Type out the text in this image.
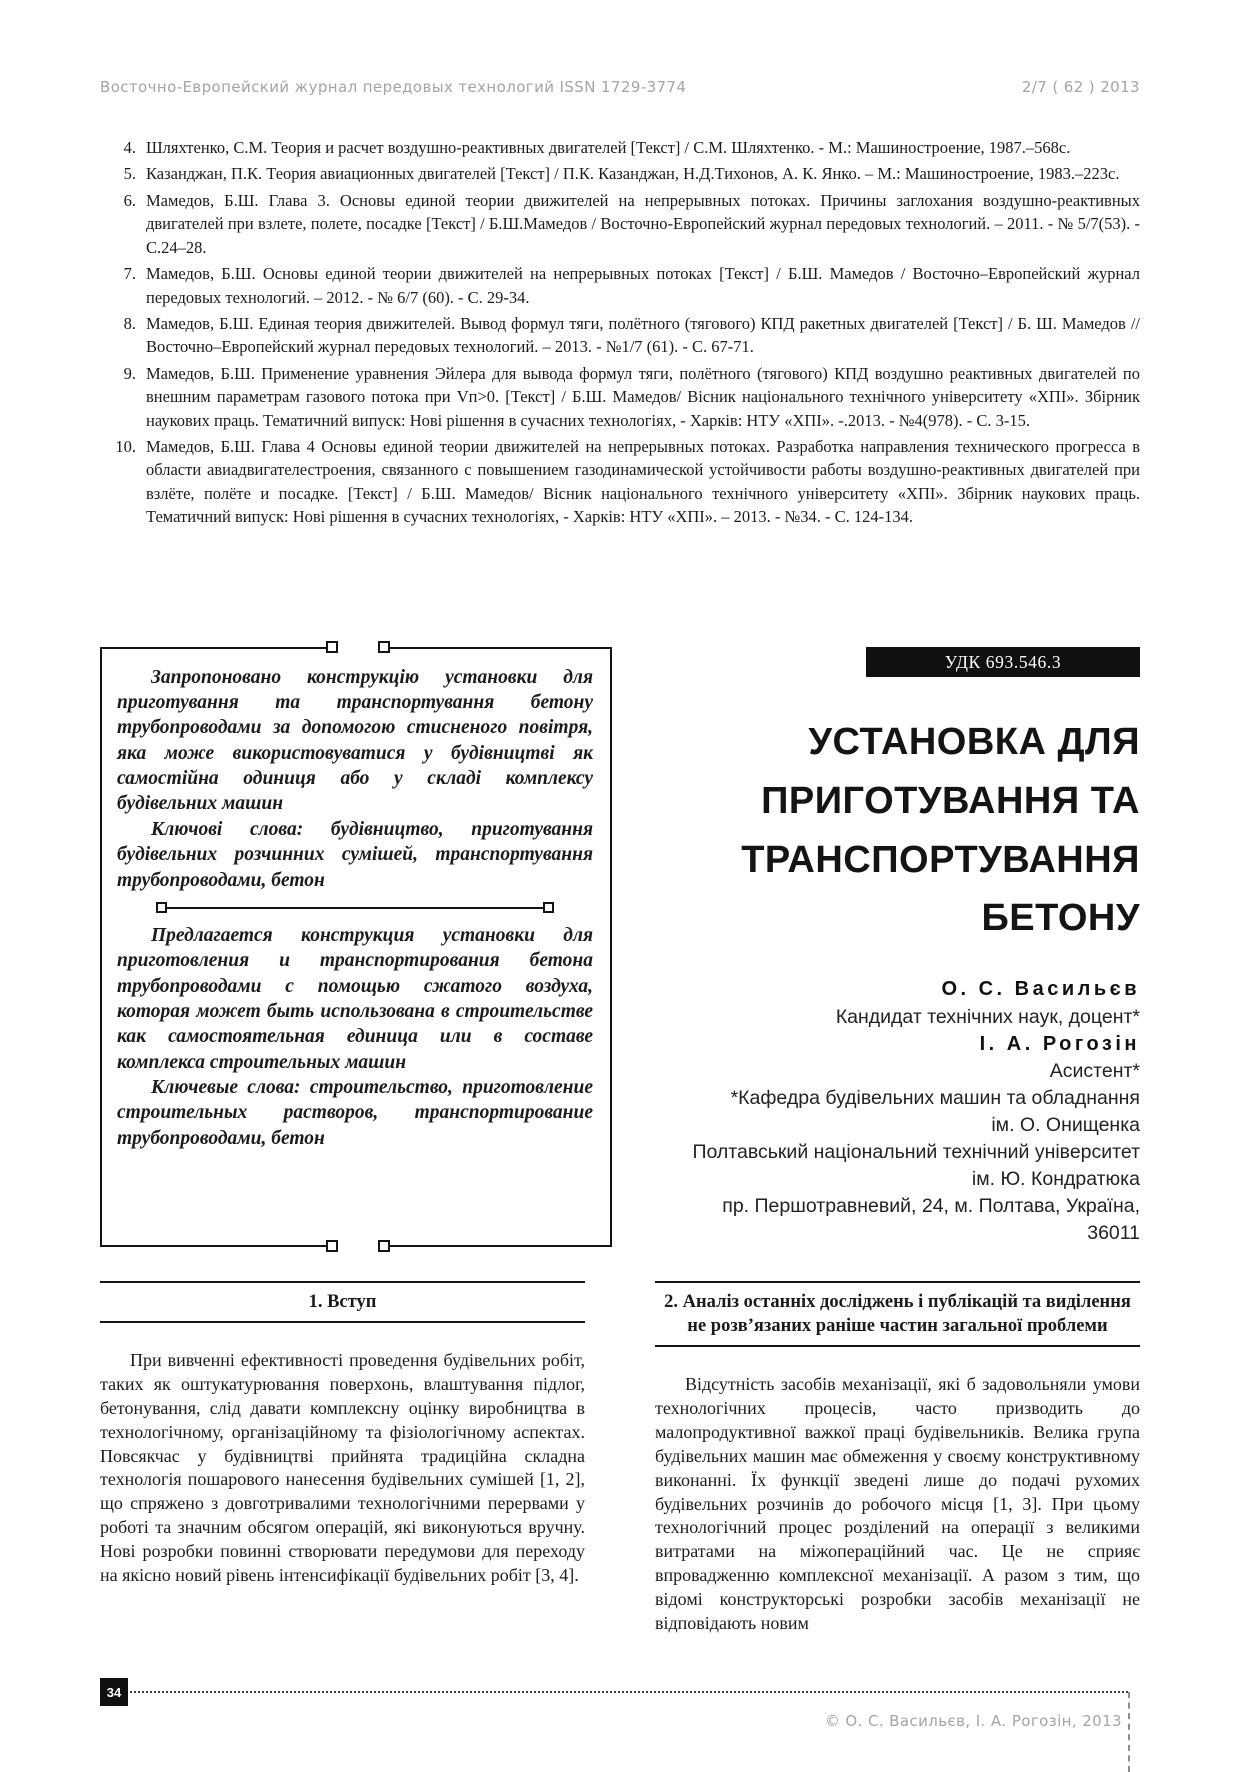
Восточно-Европейский журнал передовых технологий ISSN 1729-3774	2/7 ( 62 ) 2013
4. Шляхтенко, С.М. Теория и расчет воздушно-реактивных двигателей [Текст] / С.М. Шляхтенко. - М.: Машиностроение, 1987.–568с.
5. Казанджан, П.К. Теория авиационных двигателей [Текст] / П.К. Казанджан, Н.Д.Тихонов, А. К. Янко. – М.: Машиностроение, 1983.–223с.
6. Мамедов, Б.Ш. Глава 3. Основы единой теории движителей на непрерывных потоках. Причины заглохания воздушно-реактивных двигателей при взлете, полете, посадке [Текст] / Б.Ш.Мамедов / Восточно-Европейский журнал передовых технологий. – 2011. - № 5/7(53). - С.24–28.
7. Мамедов, Б.Ш. Основы единой теории движителей на непрерывных потоках [Текст] / Б.Ш. Мамедов / Восточно–Европейский журнал передовых технологий. – 2012. - № 6/7 (60). - С. 29-34.
8. Мамедов, Б.Ш. Единая теория движителей. Вывод формул тяги, полётного (тягового) КПД ракетных двигателей [Текст] / Б. Ш. Мамедов // Восточно–Европейский журнал передовых технологий. – 2013. - №1/7 (61). - С. 67-71.
9. Мамедов, Б.Ш. Применение уравнения Эйлера для вывода формул тяги, полётного (тягового) КПД воздушно реактивных двигателей по внешним параметрам газового потока при Vп>0. [Текст] / Б.Ш. Мамедов/ Вісник національного технічного університету «ХПІ». Збірник наукових праць. Тематичний випуск: Нові рішення в сучасних технологіях, - Харків: НТУ «ХПІ». -.2013. - №4(978). - С. 3-15.
10. Мамедов, Б.Ш. Глава 4 Основы единой теории движителей на непрерывных потоках. Разработка направления технического прогресса в области авиадвигателестроения, связанного с повышением газодинамической устойчивости работы воздушно-реактивных двигателей при взлёте, полёте и посадке. [Текст] / Б.Ш. Мамедов/ Вісник національного технічного університету «ХПІ». Збірник наукових праць. Тематичний випуск: Нові рішення в сучасних технологіях, - Харків: НТУ «ХПІ». – 2013. - №34. - С. 124-134.

Запропоновано конструкцію установки для приготування та транспортування бетону трубопроводами за допомогою стисненого повітря, яка може використовуватися у будівництві як самостійна одиниця або у складі комплексу будівельних машин

Ключові слова: будівництво, приготування будівельних розчинних сумішей, транспортування трубопроводами, бетон

Предлагается конструкция установки для приготовления и транспортирования бетона трубопроводами с помощью сжатого воздуха, которая может быть использована в строительстве как самостоятельная единица или в составе комплекса строительных машин

Ключевые слова: строительство, приготовление строительных растворов, транспортирование трубопроводами, бетон

УДК 693.546.3
УСТАНОВКА ДЛЯ ПРИГОТУВАННЯ ТА ТРАНСПОРТУВАННЯ БЕТОНУ
О. С. Васильєв
Кандидат технічних наук, доцент*
І. А. Рогозін
Асистент*
*Кафедра будівельних машин та обладнання
ім. О. Онищенка
Полтавський національний технічний університет
ім. Ю. Кондратюка
пр. Першотравневий, 24, м. Полтава, Україна, 36011
1. Вступ

При вивченні ефективності проведення будівельних робіт, таких як оштукатурювання поверхонь, влаштування підлог, бетонування, слід давати комплексну оцінку виробництва в технологічному, організаційному та фізіологічному аспектах. Повсякчас у будівництві прийнята традиційна складна технологія пошарового нанесення будівельних сумішей [1, 2], що спряжено з довготривалими технологічними перервами у роботі та значним обсягом операцій, які виконуються вручну. Нові розробки повинні створювати передумови для переходу на якісно новий рівень інтенсифікації будівельних робіт [3, 4].

2. Аналіз останніх досліджень і публікацій та виділення не розв’язаних раніше частин загальної проблеми

Відсутність засобів механізації, які б задовольняли умови технологічних процесів, часто призводить до малопродуктивної важкої праці будівельників. Велика група будівельних машин має обмеження у своєму конструктивному виконанні. Їх функції зведені лише до подачі рухомих будівельних розчинів до робочого місця [1, 3]. При цьому технологічний процес розділений на операції з великими витратами на міжопераційний час. Це не сприяє впровадженню комплексної механізації. А разом з тим, що відомі конструкторські розробки засобів механізації не відповідають новим

34
© О. С. Васильєв, І. А. Рогозін, 2013
